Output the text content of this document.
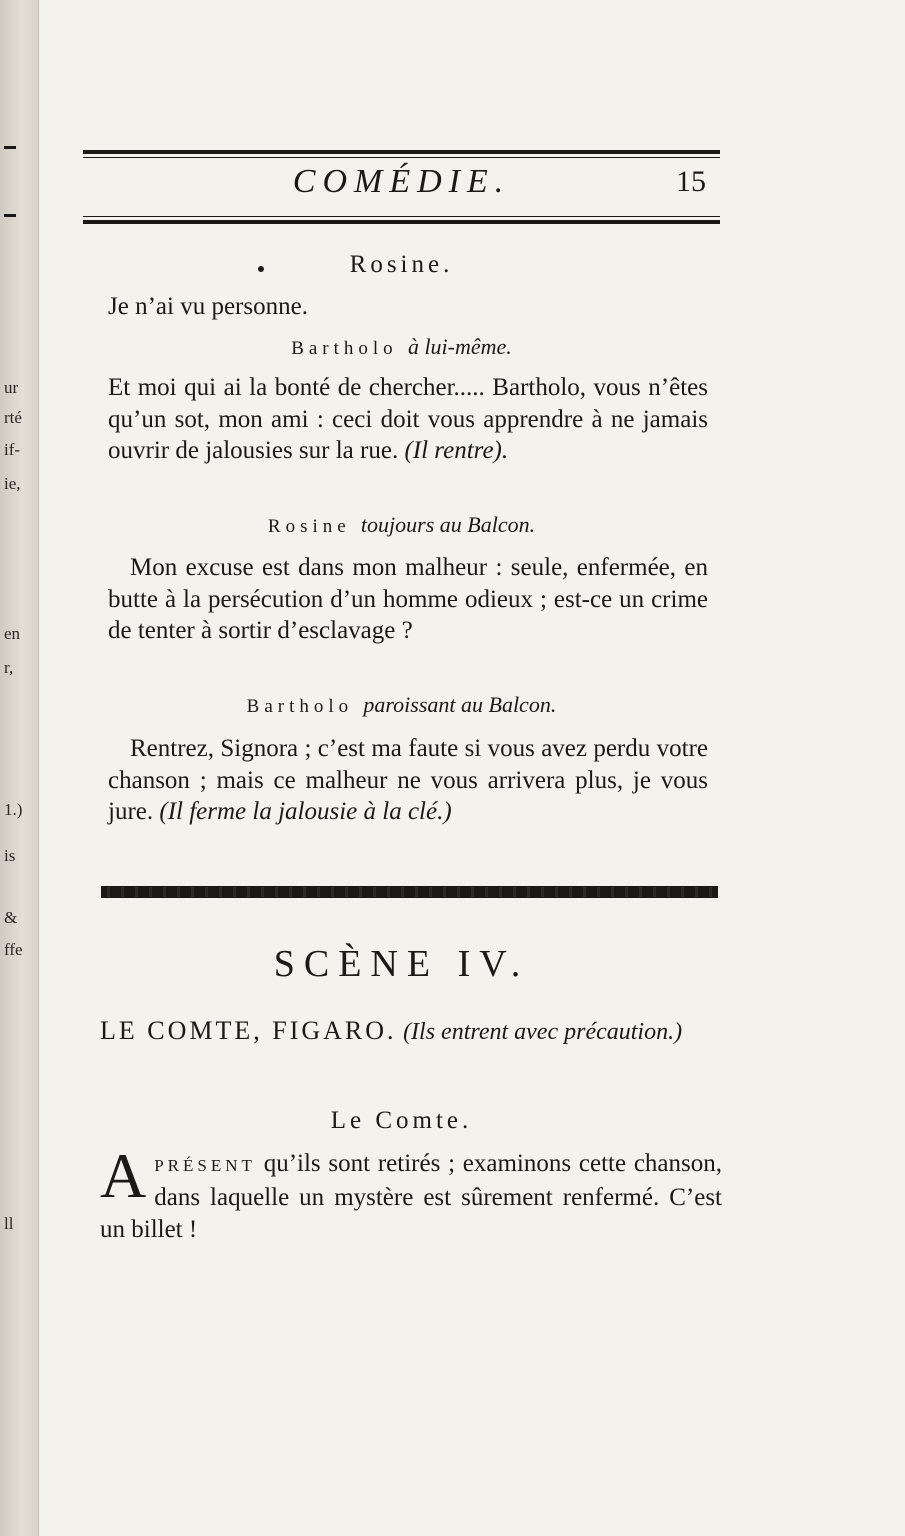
ur
rté
if-
ie,
en
r,
1.)
is
&
ffe
ll
COMÉDIE.	15
Rosine.
Je n’ai vu personne.
Bartholo à lui-même.
Et moi qui ai la bonté de chercher..... Bartholo, vous n’êtes qu’un sot, mon ami : ceci doit vous apprendre à ne jamais ouvrir de jalousies sur la rue. (Il rentre).
Rosine toujours au Balcon.
Mon excuse est dans mon malheur : seule, enfermée, en butte à la persécution d’un homme odieux ; est-ce un crime de tenter à sortir d’esclavage ?
Bartholo paroissant au Balcon.
Rentrez, Signora ; c’est ma faute si vous avez perdu votre chanson ; mais ce malheur ne vous arrivera plus, je vous jure. (Il ferme la jalousie à la clé.)
SCÈNE IV.
LE COMTE, FIGARO. (Ils entrent avec précaution.)
Le Comte.
A PRÉSENT qu’ils sont retirés ; examinons cette chanson, dans laquelle un mystère est sûrement renfermé. C’est un billet !
